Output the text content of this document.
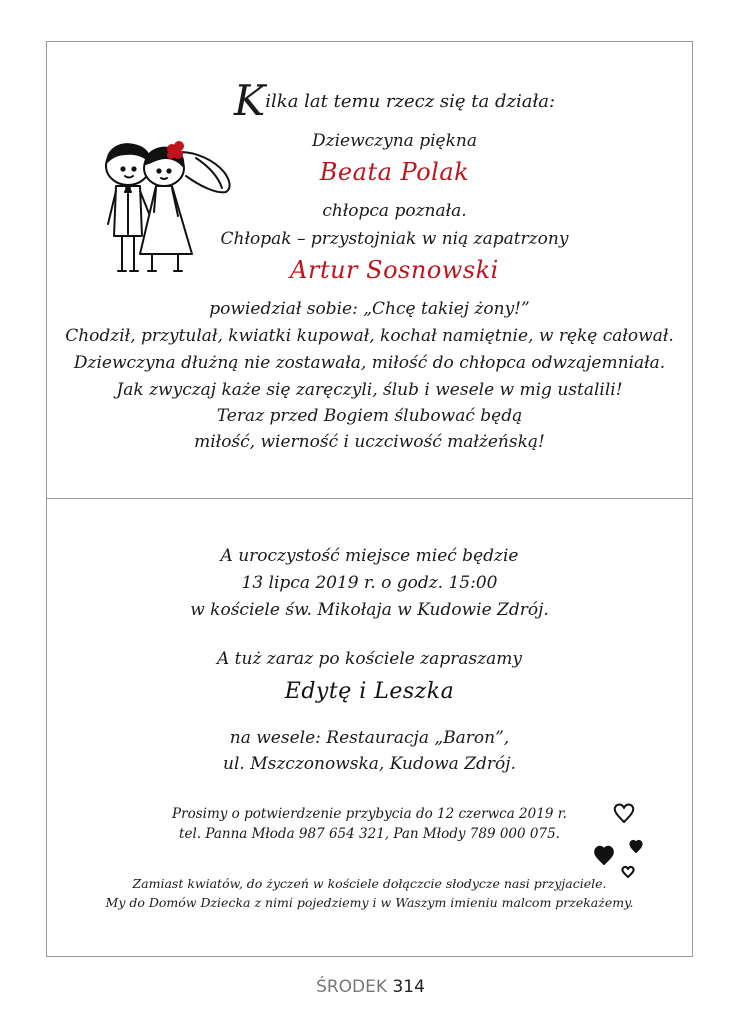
Kilka lat temu rzecz się ta działa:
Dziewczyna piękna
Beata Polak
chłopca poznała.
Chłopak – przystojniak w nią zapatrzony
Artur Sosnowski
powiedział sobie: „Chcę takiej żony!”
Chodził, przytulał, kwiatki kupował, kochał namiętnie, w rękę całował.
Dziewczyna dłużną nie zostawała, miłość do chłopca odwzajemniała.
Jak zwyczaj każe się zaręczyli, ślub i wesele w mig ustalili!
Teraz przed Bogiem ślubować będą
miłość, wierność i uczciwość małżeńską!
A uroczystość miejsce mieć będzie
13 lipca 2019 r. o godz. 15:00
w kościele św. Mikołaja w Kudowie Zdrój.
A tuż zaraz po kościele zapraszamy
Edytę i Leszka
na wesele: Restauracja „Baron”,
ul. Mszczonowska, Kudowa Zdrój.
Prosimy o potwierdzenie przybycia do 12 czerwca 2019 r.
tel. Panna Młoda 987 654 321, Pan Młody 789 000 075.
Zamiast kwiatów, do życzeń w kościele dołączcie słodycze nasi przyjaciele.
My do Domów Dziecka z nimi pojedziemy i w Waszym imieniu malcom przekażemy.
ŚRODEK 314
